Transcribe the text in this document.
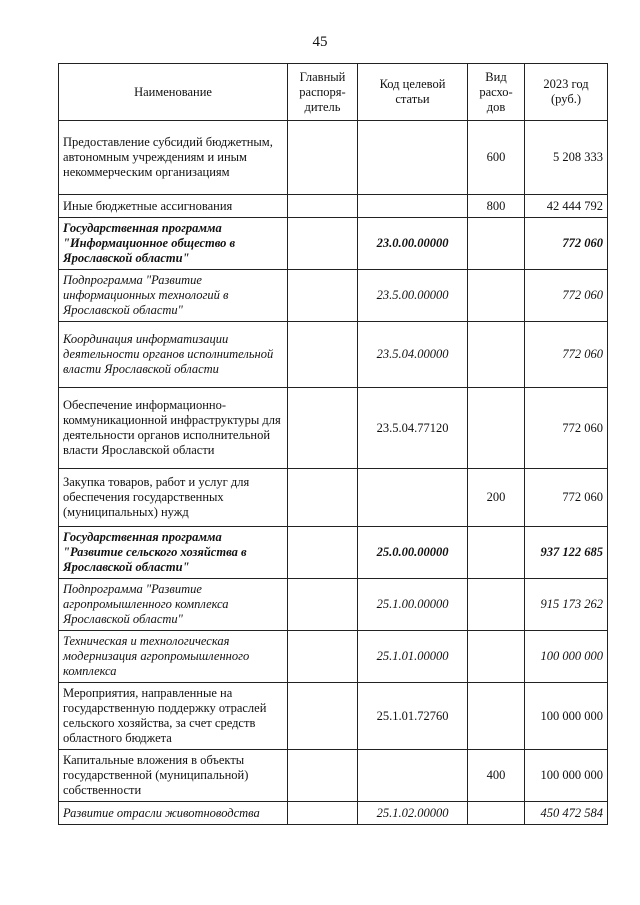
45
Наименование	Главный распоря-дитель	Код целевой статьи	Вид расхо-дов	2023 год (руб.)
Предоставление субсидий бюджетным, автономным учреждениям и иным некоммерческим организациям			600	5 208 333
Иные бюджетные ассигнования			800	42 444 792
Государственная программа "Информационное общество в Ярославской области"		23.0.00.00000		772 060
Подпрограмма "Развитие информационных технологий в Ярославской области"		23.5.00.00000		772 060
Координация информатизации деятельности органов исполнительной власти Ярославской области		23.5.04.00000		772 060
Обеспечение информационно-коммуникационной инфраструктуры для деятельности органов исполнительной власти Ярославской области		23.5.04.77120		772 060
Закупка товаров, работ и услуг для обеспечения государственных (муниципальных) нужд			200	772 060
Государственная программа "Развитие сельского хозяйства в Ярославской области"		25.0.00.00000		937 122 685
Подпрограмма "Развитие агропромышленного комплекса Ярославской области"		25.1.00.00000		915 173 262
Техническая и технологическая модернизация агропромышленного комплекса		25.1.01.00000		100 000 000
Мероприятия, направленные на государственную поддержку отраслей сельского хозяйства, за счет средств областного бюджета		25.1.01.72760		100 000 000
Капитальные вложения в объекты государственной (муниципальной) собственности			400	100 000 000
Развитие отрасли животноводства		25.1.02.00000		450 472 584
